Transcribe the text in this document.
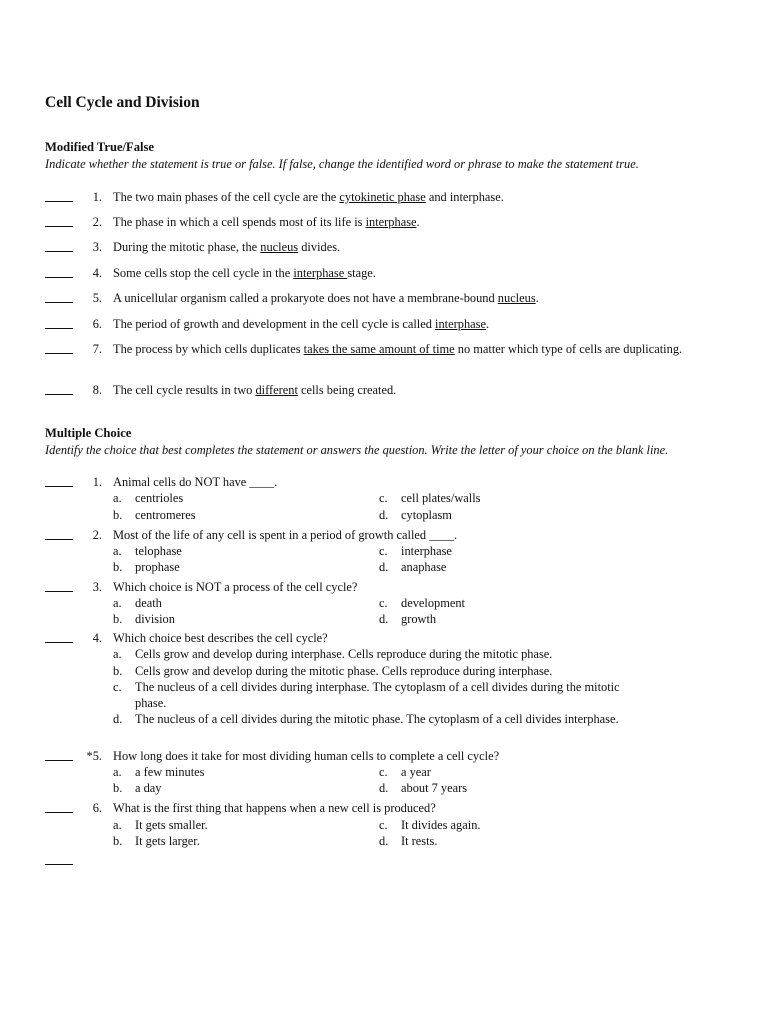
Cell Cycle and Division
Modified True/False
Indicate whether the statement is true or false. If false, change the identified word or phrase to make the statement true.
1. The two main phases of the cell cycle are the cytokinetic phase and interphase.
2. The phase in which a cell spends most of its life is interphase.
3. During the mitotic phase, the nucleus divides.
4. Some cells stop the cell cycle in the interphase stage.
5. A unicellular organism called a prokaryote does not have a membrane-bound nucleus.
6. The period of growth and development in the cell cycle is called interphase.
7. The process by which cells duplicates takes the same amount of time no matter which type of cells are duplicating.
8. The cell cycle results in two different cells being created.
Multiple Choice
Identify the choice that best completes the statement or answers the question. Write the letter of your choice on the blank line.
1. Animal cells do NOT have ____.
a.	centrioles	c.	cell plates/walls
b.	centromeres	d.	cytoplasm
2. Most of the life of any cell is spent in a period of growth called ____.
a.	telophase	c.	interphase
b.	prophase	d.	anaphase
3. Which choice is NOT a process of the cell cycle?
a.	death	c.	development
b.	division	d.	growth
4. Which choice best describes the cell cycle?
a.	Cells grow and develop during interphase. Cells reproduce during the mitotic phase.
b.	Cells grow and develop during the mitotic phase. Cells reproduce during interphase.
c.	The nucleus of a cell divides during interphase. The cytoplasm of a cell divides during the mitotic phase.
d.	The nucleus of a cell divides during the mitotic phase. The cytoplasm of a cell divides interphase.
*5. How long does it take for most dividing human cells to complete a cell cycle?
a.	a few minutes	c.	a year
b.	a day	d.	about 7 years
6. What is the first thing that happens when a new cell is produced?
a.	It gets smaller.	c.	It divides again.
b.	It gets larger.	d.	It rests.
